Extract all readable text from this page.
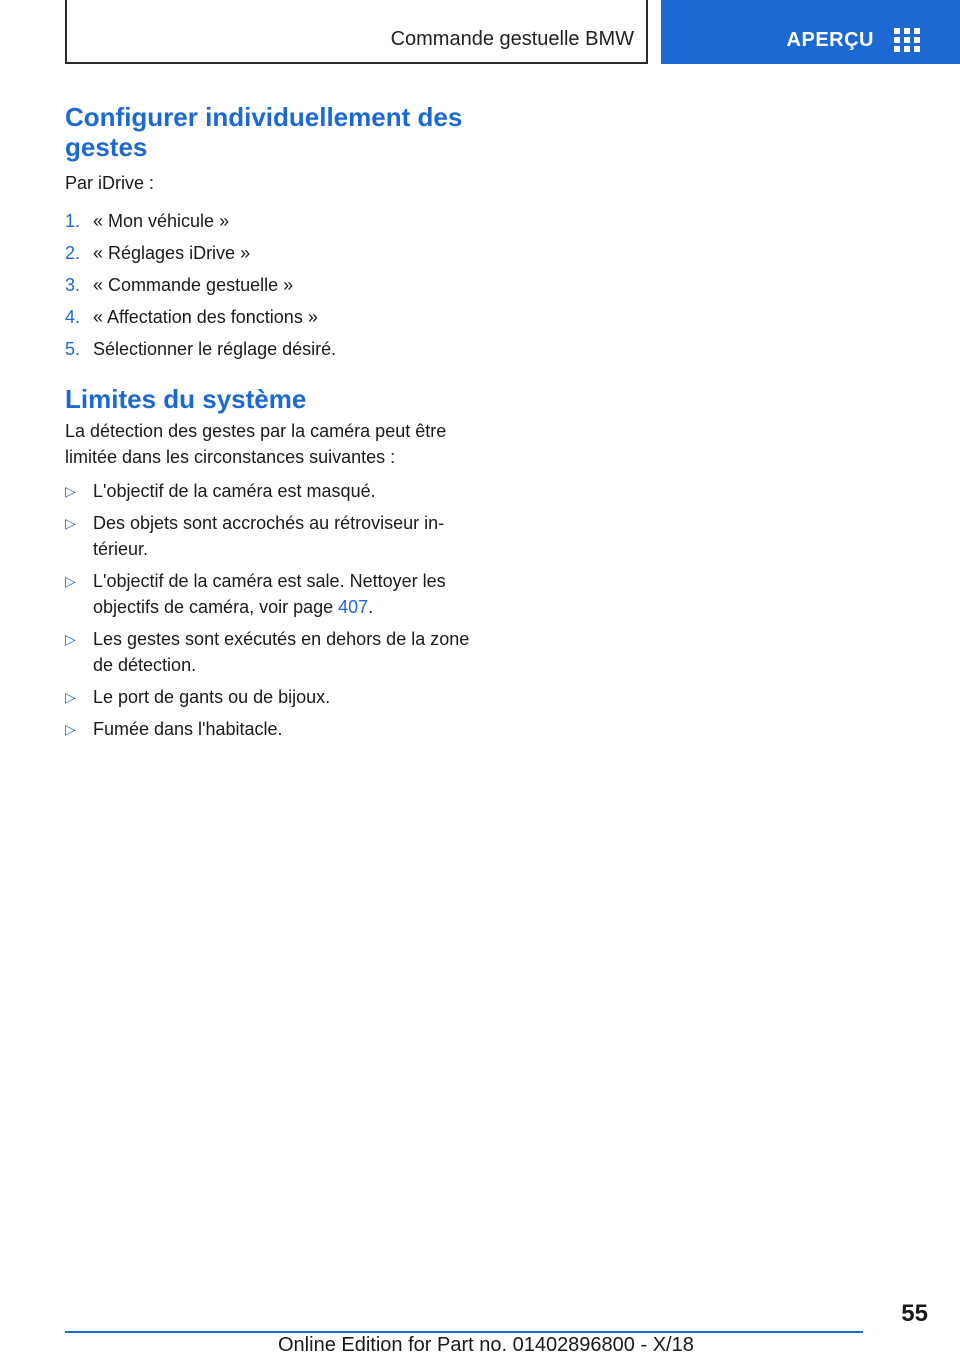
Commande gestuelle BMW	APERÇU
Configurer individuellement des gestes
Par iDrive :
1. « Mon véhicule »
2. « Réglages iDrive »
3. « Commande gestuelle »
4. « Affectation des fonctions »
5. Sélectionner le réglage désiré.
Limites du système
La détection des gestes par la caméra peut être limitée dans les circonstances suivantes :
▷ L'objectif de la caméra est masqué.
▷ Des objets sont accrochés au rétroviseur in‐térieur.
▷ L'objectif de la caméra est sale. Nettoyer les objectifs de caméra, voir page 407.
▷ Les gestes sont exécutés en dehors de la zone de détection.
▷ Le port de gants ou de bijoux.
▷ Fumée dans l'habitacle.
55
Online Edition for Part no. 01402896800 - X/18
